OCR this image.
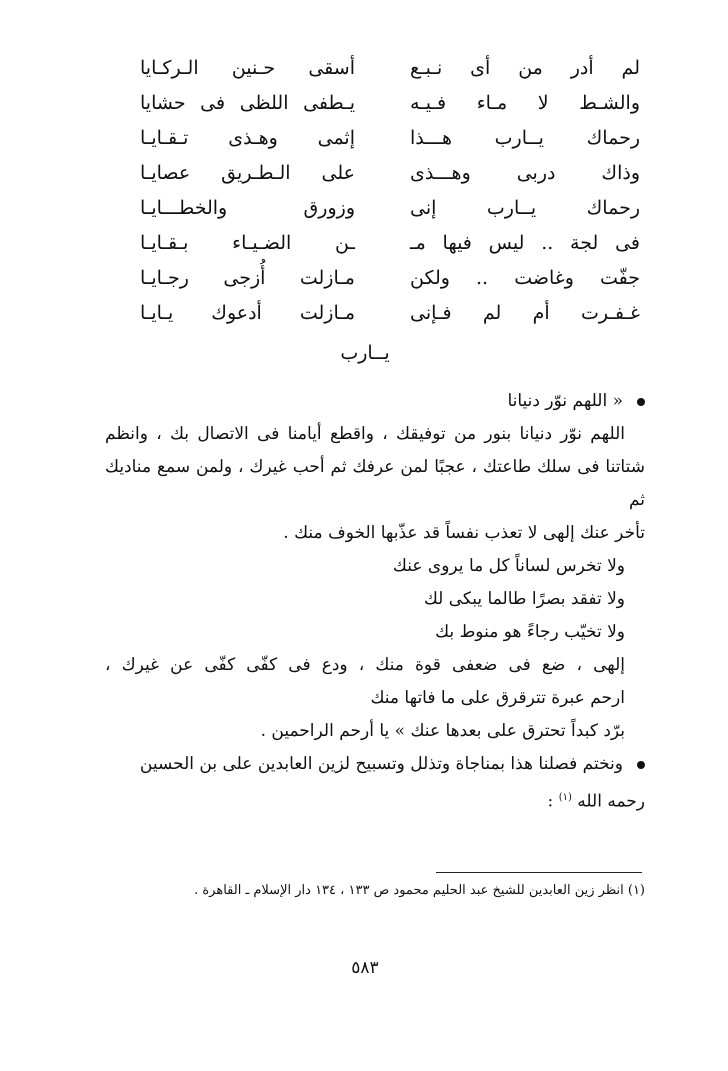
لم أدر من أى نـبـع
أسقى حـنين الـركـايا
والشـط لا مـاء فـيـه
يـطفى اللظى فى حشايا
رحماك يــارب هـــذا
إثمى وهـذى تـقـايـا
وذاك دربى وهـــذى
على الـطـريق عصايـا
رحماك يــارب إنى
وزورق والخطـــايـا
فى لجة .. ليس فيها مـ
ـن الضـيـاء بـقـايـا
جفّت وغاضت .. ولكن
مـازلت أُزجى رجـايـا
غـفـرت أم لم فـإنى
مـازلت أدعوك يـايـا
يــارب
« اللهم نوّر دنيانا

اللهم نوّر دنيانا بنور من توفيقك ، واقطع أيامنا فى الاتصال بك ، وانظم

شتاتنا فى سلك طاعتك ، عجبًا لمن عرفك ثم أحب غيرك ، ولمن سمع مناديك ثم

تأخر عنك إلهى لا تعذب نفساً قد عذّبها الخوف منك .

ولا تخرس لساناً كل ما يروى عنك

ولا تفقد بصرًا طالما يبكى لك

ولا تخيّب رجاءً هو منوط بك

إلهى ، ضع فى ضعفى قوة منك ، ودع فى كفّى كفّى عن غيرك ،

ارحم عبرة تترقرق على ما فاتها منك

برّد كبداً تحترق على بعدها عنك » يا أرحم الراحمين .

ونختم فصلنا هذا بمناجاة وتذلل وتسبيح لزين العابدين على بن الحسين

رحمه الله $^{(١)}$ :

(١) انظر زين العابدين للشيخ عبد الحليم محمود ص ١٣٣ ، ١٣٤ دار الإسلام ـ القاهرة .
٥٨٣
